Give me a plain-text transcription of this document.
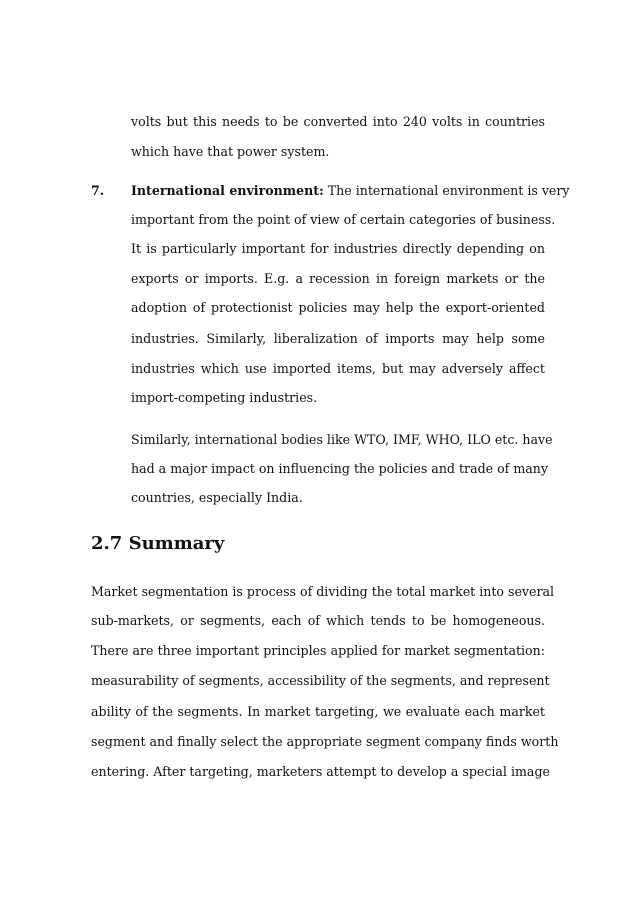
volts but this needs to be converted into 240 volts in countries
which have that power system.
7. International environment: The international environment is very
important from the point of view of certain categories of business.
It is particularly important for industries directly depending on
exports or imports. E.g. a recession in foreign markets or the
adoption of protectionist policies may help the export-oriented
industries. Similarly, liberalization of imports may help some
industries which use imported items, but may adversely affect
import-competing industries.
Similarly, international bodies like WTO, IMF, WHO, ILO etc. have
had a major impact on influencing the policies and trade of many
countries, especially India.
2.7 Summary
Market segmentation is process of dividing the total market into several
sub-markets, or segments, each of which tends to be homogeneous.
There are three important principles applied for market segmentation:
measurability of segments, accessibility of the segments, and represent
ability of the segments. In market targeting, we evaluate each market
segment and finally select the appropriate segment company finds worth
entering. After targeting, marketers attempt to develop a special image
